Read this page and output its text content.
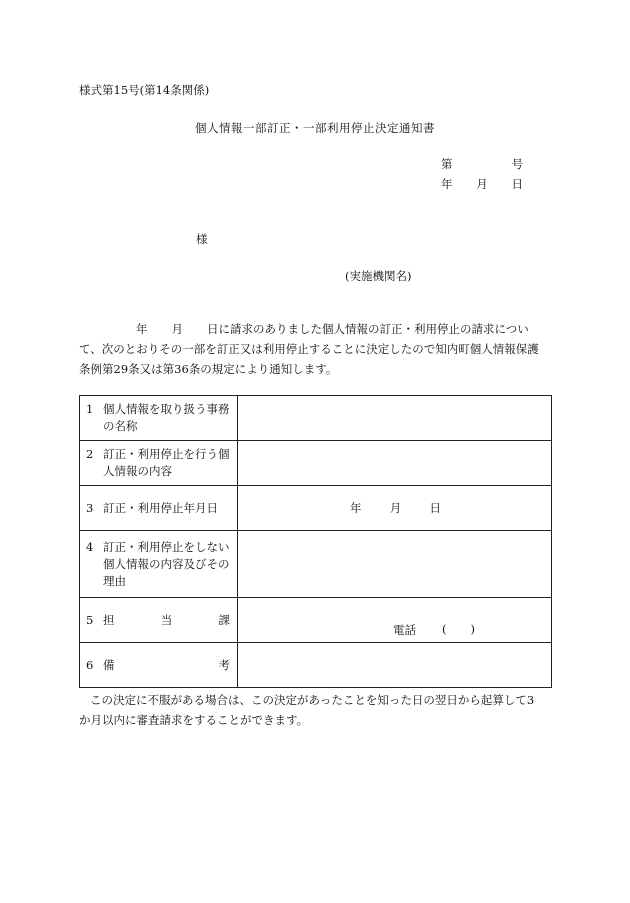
様式第15号(第14条関係)
個人情報一部訂正・一部利用停止決定通知書
第	号
年 月 日
様
(実施機関名)

年 月 日に請求のありました個人情報の訂正・利用停止の請求につい

て、次のとおりその一部を訂正又は利用停止することに決定したので知内町個人情報保護

条例第29条又は第36条の規定により通知します。

1 個人情報を取り扱う事務の名称	

2 訂正・利用停止を行う個人情報の内容	

3 訂正・利用停止年月日	年 月 日

4 訂正・利用停止をしない個人情報の内容及びその理由	

5 担 当 課	電話 ( )

6 備 考	

この決定に不服がある場合は、この決定があったことを知った日の翌日から起算して3

か月以内に審査請求をすることができます。
